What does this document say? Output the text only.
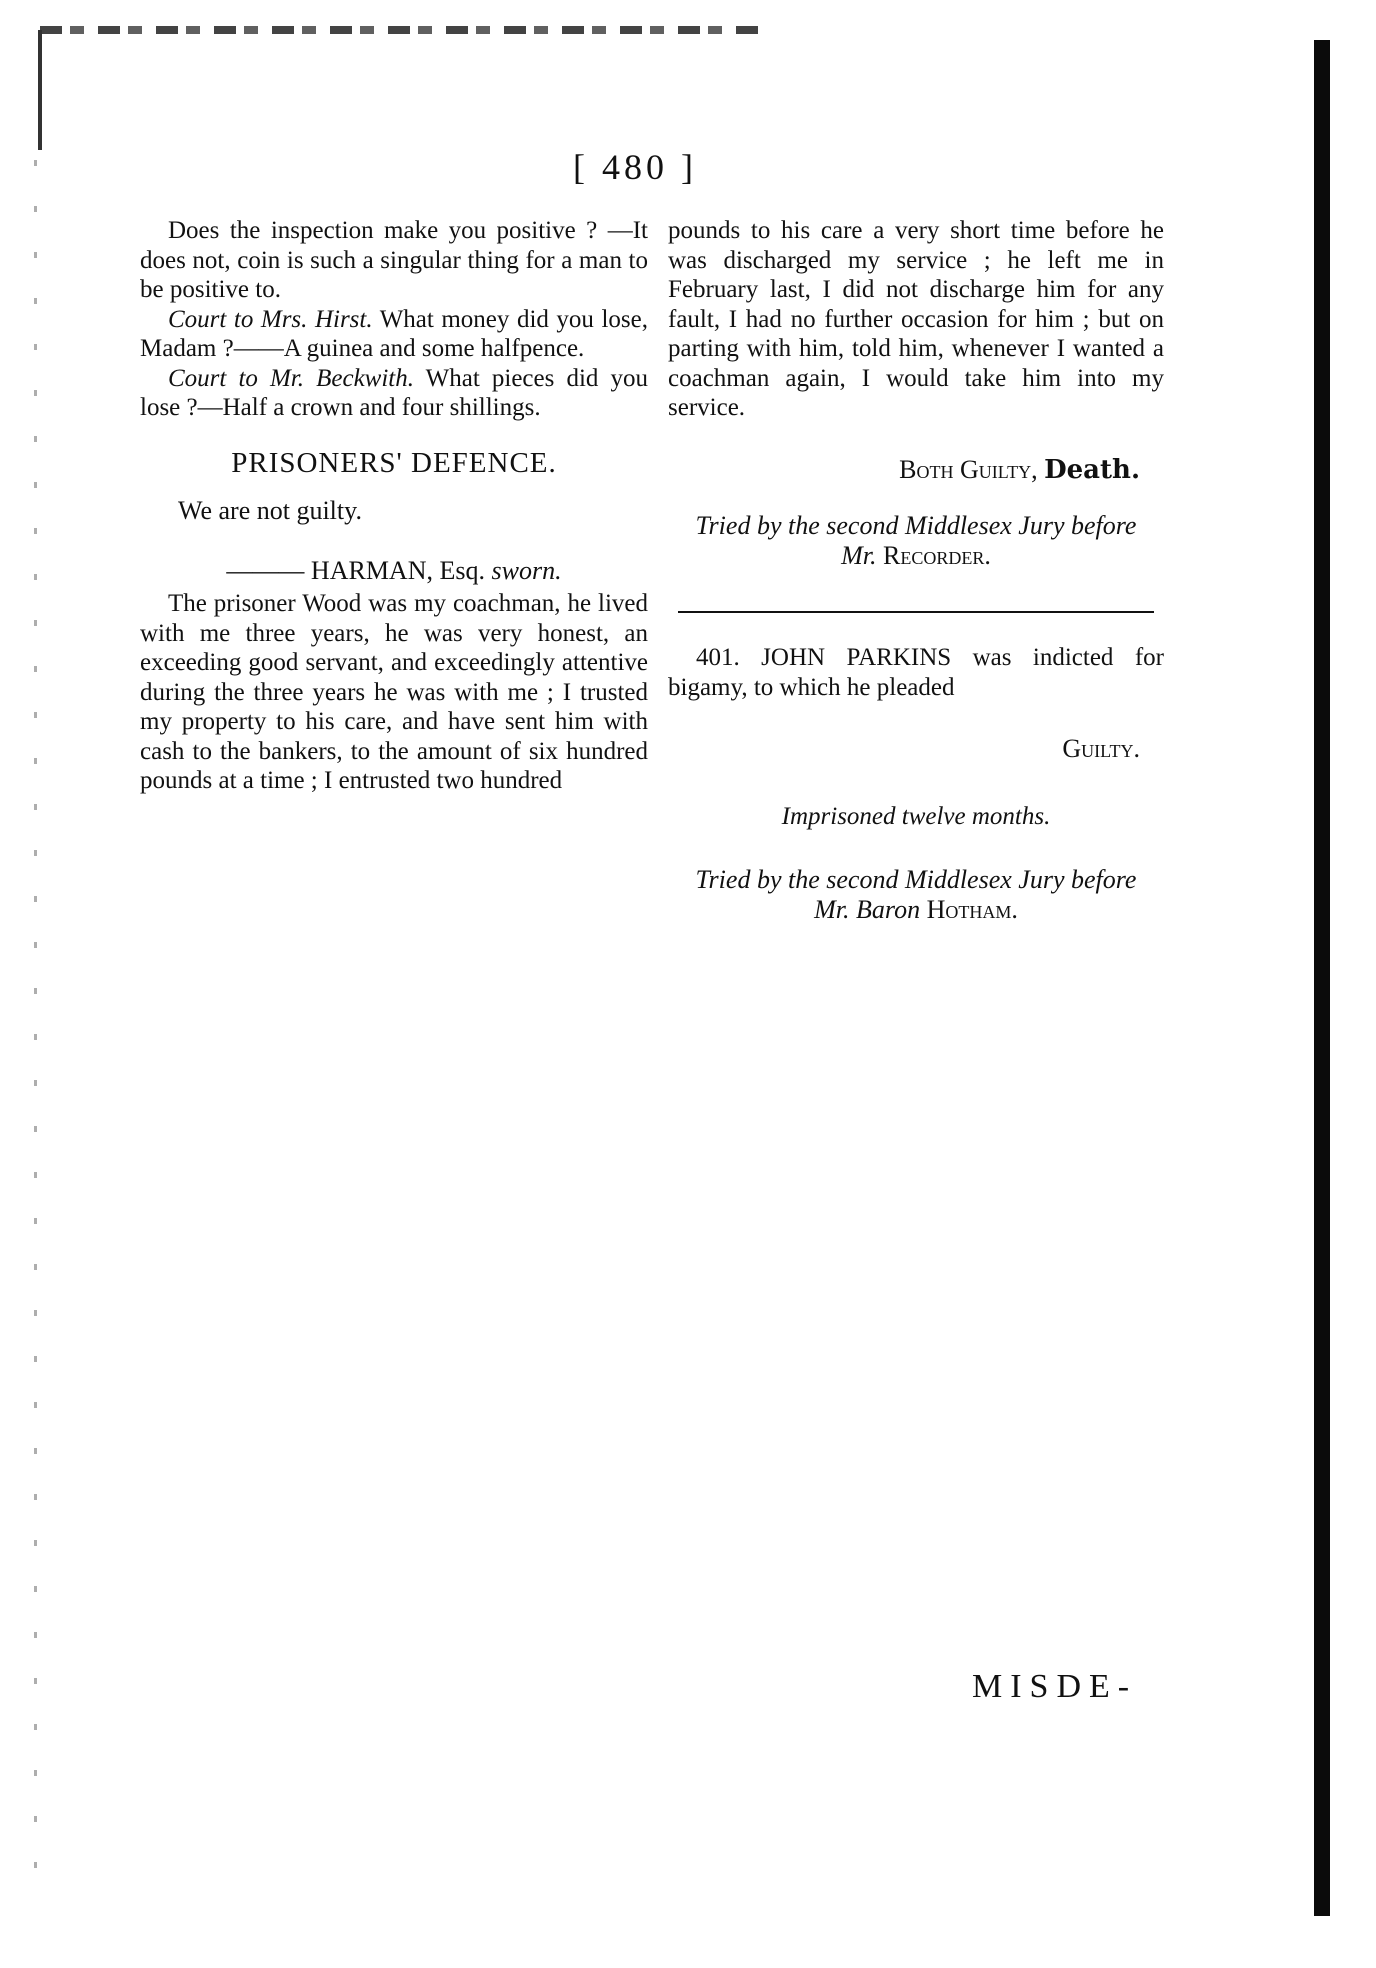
[ 480 ]

Does the inspection make you positive ? —It does not, coin is such a singular thing for a man to be positive to.

Court to Mrs. Hirst. What money did you lose, Madam ?——A guinea and some halfpence.

Court to Mr. Beckwith. What pieces did you lose ?—Half a crown and four shillings.

PRISONERS' DEFENCE.

We are not guilty.

——— HARMAN, Esq. sworn.

The prisoner Wood was my coachman, he lived with me three years, he was very honest, an exceeding good servant, and exceedingly attentive during the three years he was with me ; I trusted my property to his care, and have sent him with cash to the bankers, to the amount of six hundred pounds at a time ; I entrusted two hundred

pounds to his care a very short time before he was discharged my service ; he left me in February last, I did not discharge him for any fault, I had no further occasion for him ; but on parting with him, told him, whenever I wanted a coachman again, I would take him into my service.

Both Guilty, Death.

Tried by the second Middlesex Jury before
Mr. Recorder.

401. JOHN PARKINS was indicted for bigamy, to which he pleaded

Guilty.

Imprisoned twelve months.

Tried by the second Middlesex Jury before
Mr. Baron Hotham.

MISDE-
